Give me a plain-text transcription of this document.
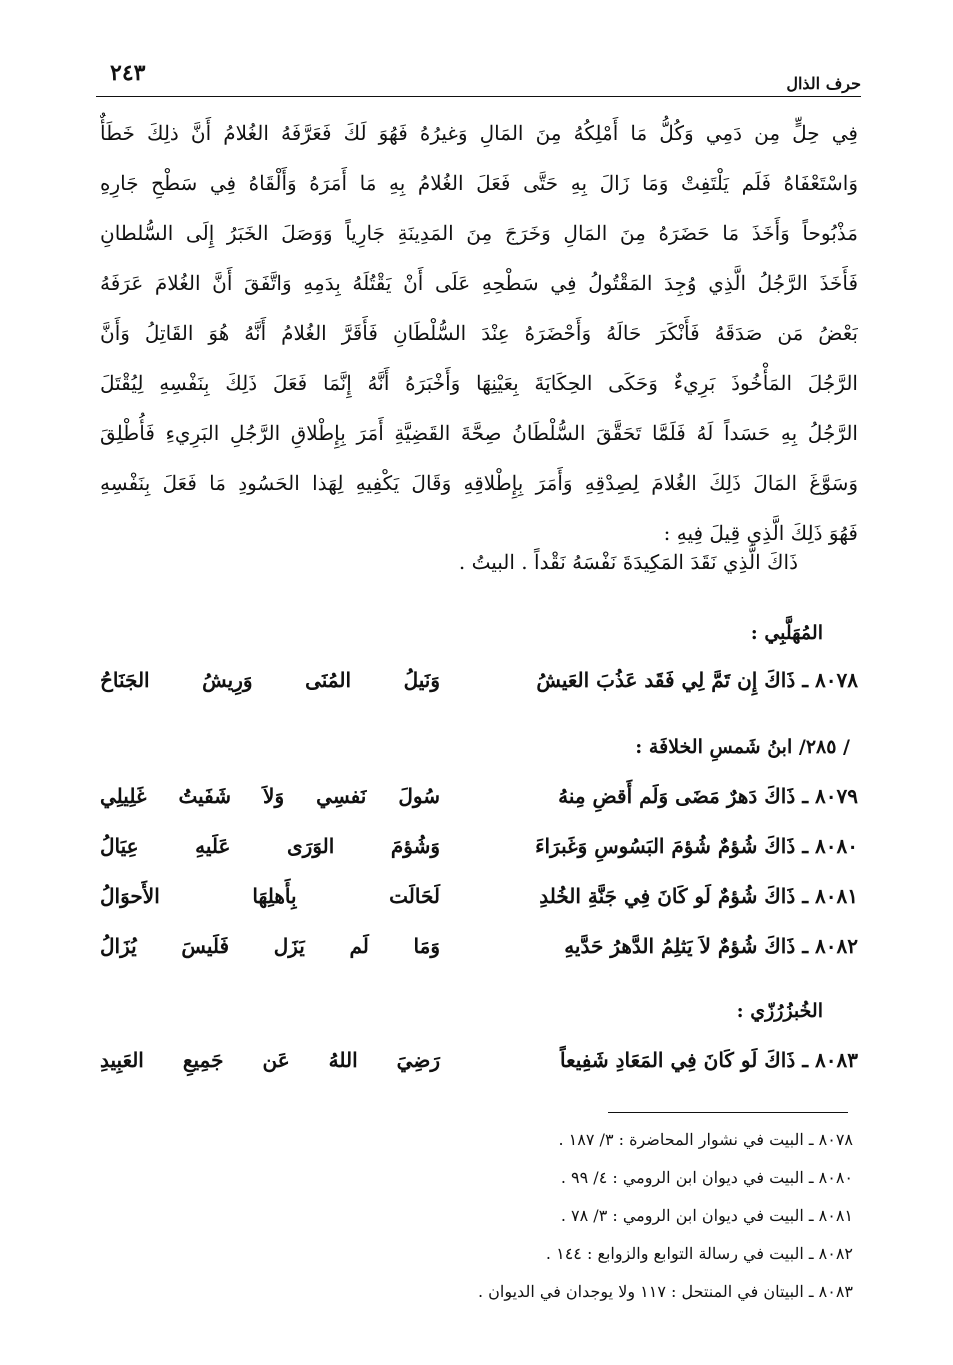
٢٤٣	حرف الذال
فِي حِلٍّ مِن دَمِي وَكُلُّ مَا أَمْلِكُهُ مِنَ المَالِ وَغيرُهُ فَهُوَ لَكَ فَعَرَّفَهُ الغُلامُ أَنَّ ذلِكَ خَطَأٌ
وَاسْتَعْفَاهُ فَلَم يَلْتَفِتْ وَمَا زَالَ بِهِ حَتَّى فَعَلَ الغُلامُ بِهِ مَا أَمَرَهُ وَأَلْقَاهُ فِي سَطْحِ جَارِهِ
مَذْبُوحاً وَأَخَذَ مَا حَضَرَهُ مِنَ المَالِ وَخَرَجَ مِنَ المَدِينَةِ جَارِياً وَوَصَلَ الخَبَرُ إِلَى السُّلطانِ
فَأَخَذَ الرَّجُلُ الَّذِي وُجِدَ المَقْتُولُ فِي سَطْحِهِ عَلَى أَنْ يَقْتُلَهُ بِدَمِهِ وَاتَّفَقَ أَنَّ الغُلامَ عَرَفَهُ
بَعْضُ مَن صَدَقَهُ فَأَنْكَرَ حَالَهُ وَأَحْضَرَهُ عِنْدَ السُّلْطَانِ فَأَقَرَّ الغُلامُ أَنَّهُ هُوَ القَاتِلُ وَأَنَّ
الرَّجُلَ المَأْخُوذَ بَرِيءٌ وَحَكَى الحِكَايَةَ بِعَيْنِهَا وَأَخْبَرَهُ أَنَّهُ إِنَّمَا فَعَلَ ذَلِكَ بِنَفْسِهِ لِيُقْتَلَ
الرَّجُلُ بِهِ حَسَداً لَهُ فَلَمَّا تَحَقَّقَ السُّلْطَانُ صِحَّةَ القَضِيَّةِ أَمَرَ بِإِطْلاقِ الرَّجُلِ البَرِيءِ فَأُطْلِقَ
وَسَوَّغَ المَالَ ذَلِكَ الغُلامَ لِصِدْقِهِ وَأَمَرَ بِإِطْلاقِهِ وَقَالَ يَكْفِيهِ لِهَذا الحَسُودِ مَا فَعَلَ بِنَفْسِهِ
فَهُوَ ذَلِكَ الَّذِي قِيلَ فِيهِ :
ذَاكَ الَّذِي نَقَدَ المَكِيدَةَ نَفْسَهُ نَقْداً . البيتُ .
المُهَلَّبِي :
٨٠٧٨ ـ ذَاكَ إِن تَمَّ لِي فَقَد عَذُبَ العَيشُ
وَنَيلُ المُنَى وَرِيشُ الجَنَاحُ
/ ٢٨٥/ ابنُ شَمسِ الخلافَة :
٨٠٧٩ ـ ذَاكَ دَهرٌ مَضَى وَلَم أَقضِ مِنهُ
سُولَ نَفسِي وَلاَ شَفَيتُ غَلِيلِي
٨٠٨٠ ـ ذَاكَ شُؤمٌ شُؤمَ البَسُوسِ وَغَبرَاءَ
وَشُؤمَ الوَرَى عَلَيهِ عِيَالُ
٨٠٨١ ـ ذَاكَ شُؤمٌ لَو كَانَ فِي جَنَّةِ الخُلدِ
لَحَالَت بِأَهلِهَا الأَحوَالُ
٨٠٨٢ ـ ذَاكَ شُؤمٌ لاَ يَثلِمُ الدَّهرُ حَدَّيهِ
وَمَا لَم يَزَل فَلَيسَ يُزَالُ
الخُبزُرُزّي :
٨٠٨٣ ـ ذَاكَ لَو كَانَ فِي المَعَادِ شَفِيعاً
رَضِيَ اللهُ عَن جَمِيعِ العَبِيدِ
٨٠٧٨ ـ البيت في نشوار المحاضرة : ٣/ ١٨٧ .
٨٠٨٠ ـ البيت في ديوان ابن الرومي : ٤/ ٩٩ .
٨٠٨١ ـ البيت في ديوان ابن الرومي : ٣/ ٧٨ .
٨٠٨٢ ـ البيت في رسالة التوابع والزوابع : ١٤٤ .
٨٠٨٣ ـ البيتان في المنتحل : ١١٧ ولا يوجدان في الديوان .
